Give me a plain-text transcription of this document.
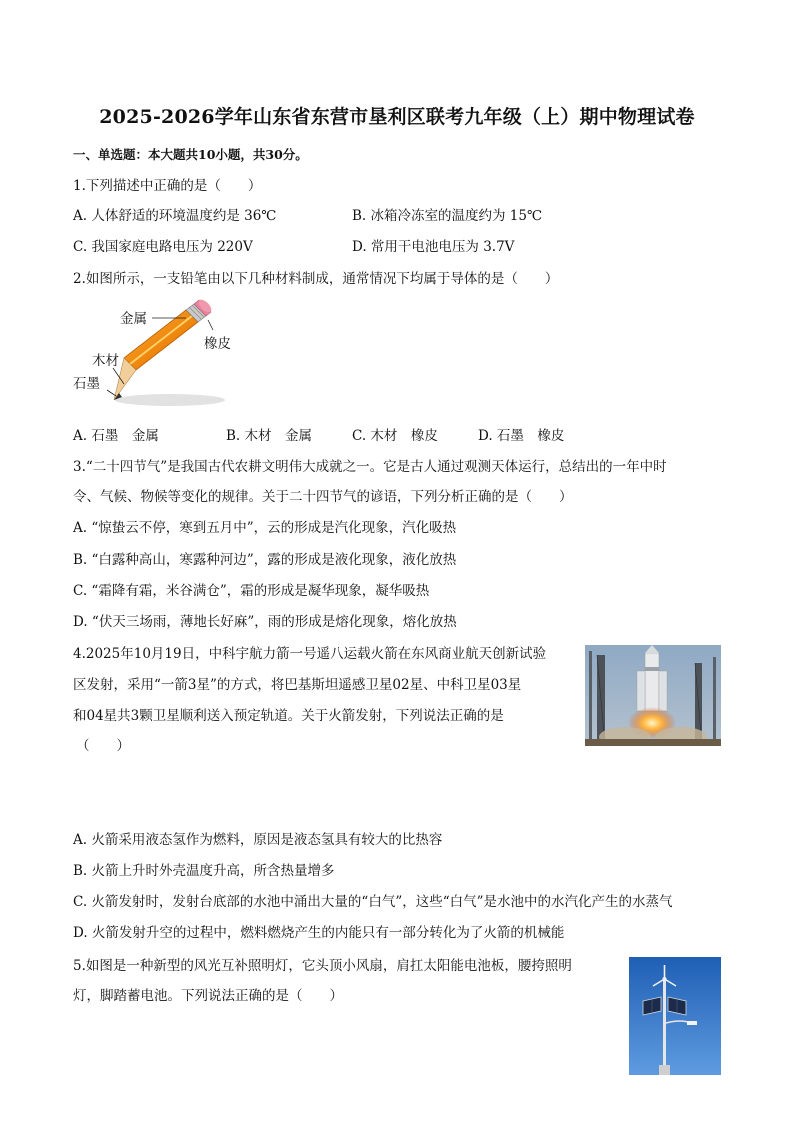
2025-2026学年山东省东营市垦利区联考九年级（上）期中物理试卷
一、单选题：本大题共10小题，共30分。
1.下列描述中正确的是（　　）
A. 人体舒适的环境温度约是 36℃	B. 冰箱冷冻室的温度约为 15℃
C. 我国家庭电路电压为 220V	D. 常用干电池电压为 3.7V
2.如图所示，一支铅笔由以下几种材料制成，通常情况下均属于导体的是（　　）
金属
橡皮
木材
石墨
A. 石墨　金属	B. 木材　金属	C. 木材　橡皮	D. 石墨　橡皮
3.“二十四节气”是我国古代农耕文明伟大成就之一。它是古人通过观测天体运行，总结出的一年中时
令、气候、物候等变化的规律。关于二十四节气的谚语，下列分析正确的是（　　）
A. “惊蛰云不停，寒到五月中”，云的形成是汽化现象，汽化吸热
B. “白露种高山，寒露种河边”，露的形成是液化现象，液化放热
C. “霜降有霜，米谷满仓”，霜的形成是凝华现象，凝华吸热
D. “伏天三场雨，薄地长好麻”，雨的形成是熔化现象，熔化放热
4.2025年10月19日，中科宇航力箭一号遥八运载火箭在东风商业航天创新试验
区发射，采用“一箭3星”的方式，将巴基斯坦遥感卫星02星、中科卫星03星
和04星共3颗卫星顺利送入预定轨道。关于火箭发射，下列说法正确的是
（　　）
A. 火箭采用液态氢作为燃料，原因是液态氢具有较大的比热容
B. 火箭上升时外壳温度升高，所含热量增多
C. 火箭发射时，发射台底部的水池中涌出大量的“白气”，这些“白气”是水池中的水汽化产生的水蒸气
D. 火箭发射升空的过程中，燃料燃烧产生的内能只有一部分转化为了火箭的机械能
5.如图是一种新型的风光互补照明灯，它头顶小风扇，肩扛太阳能电池板，腰挎照明
灯，脚踏蓄电池。下列说法正确的是（　　）
